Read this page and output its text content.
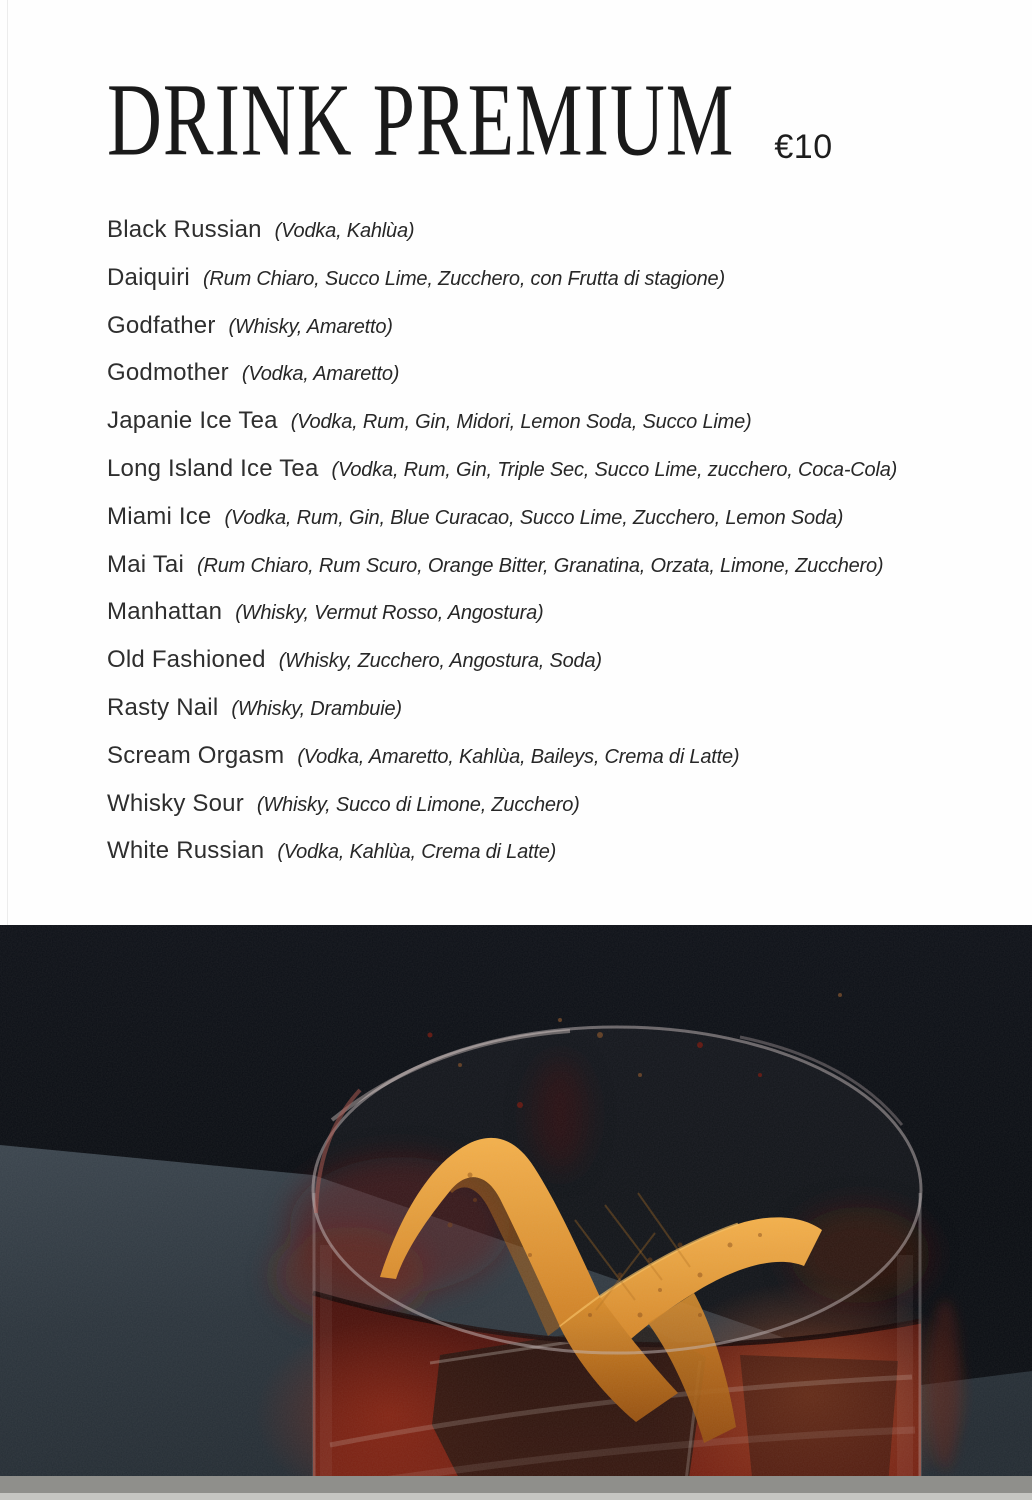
DRINK PREMIUM €10
Black Russian (Vodka, Kahlùa)
Daiquiri (Rum Chiaro, Succo Lime, Zucchero, con Frutta di stagione)
Godfather (Whisky, Amaretto)
Godmother (Vodka, Amaretto)
Japanie Ice Tea (Vodka, Rum, Gin, Midori, Lemon Soda, Succo Lime)
Long Island Ice Tea (Vodka, Rum, Gin, Triple Sec, Succo Lime, zucchero, Coca-Cola)
Miami Ice (Vodka, Rum, Gin, Blue Curacao, Succo Lime, Zucchero, Lemon Soda)
Mai Tai (Rum Chiaro, Rum Scuro, Orange Bitter, Granatina, Orzata, Limone, Zucchero)
Manhattan (Whisky, Vermut Rosso, Angostura)
Old Fashioned (Whisky, Zucchero, Angostura, Soda)
Rasty Nail (Whisky, Drambuie)
Scream Orgasm (Vodka, Amaretto, Kahlùa, Baileys, Crema di Latte)
Whisky Sour (Whisky, Succo di Limone, Zucchero)
White Russian (Vodka, Kahlùa, Crema di Latte)
